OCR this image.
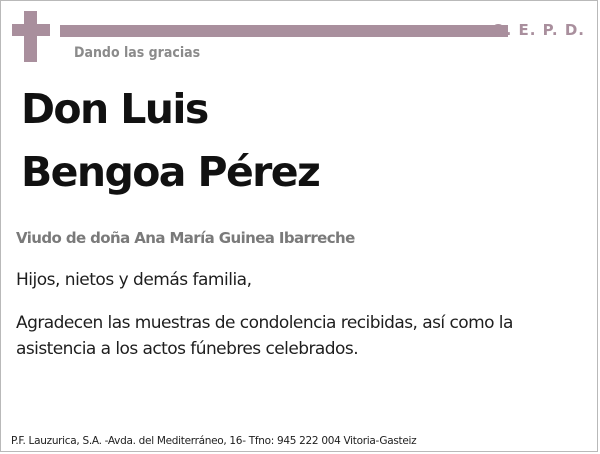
Q. E. P. D.
Dando las gracias
Don Luis
Bengoa Pérez
Viudo de doña Ana María Guinea Ibarreche
Hijos, nietos y demás familia,
Agradecen las muestras de condolencia recibidas, así como la asistencia a los actos fúnebres celebrados.
P.F. Lauzurica, S.A. -Avda. del Mediterráneo, 16- Tfno: 945 222 004 Vitoria-Gasteiz
